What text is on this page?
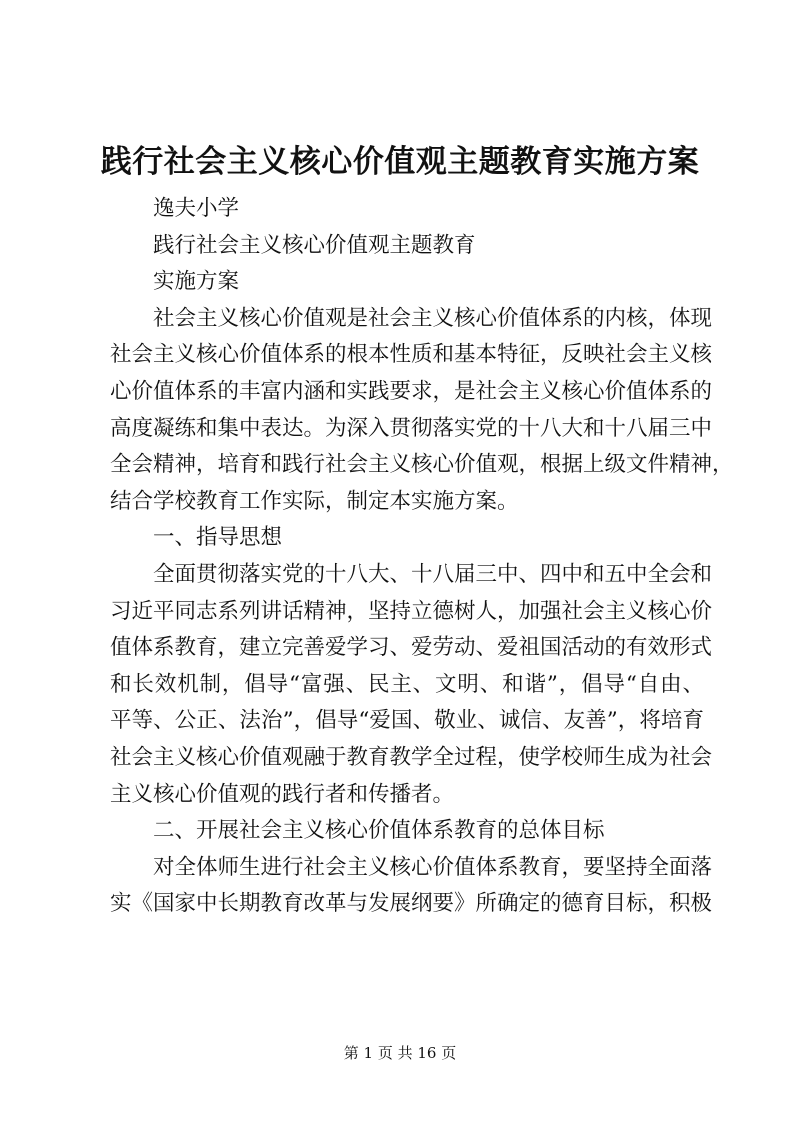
践行社会主义核心价值观主题教育实施方案
逸夫小学
践行社会主义核心价值观主题教育
实施方案
社会主义核心价值观是社会主义核心价值体系的内核，体现
社会主义核心价值体系的根本性质和基本特征，反映社会主义核
心价值体系的丰富内涵和实践要求，是社会主义核心价值体系的
高度凝练和集中表达。为深入贯彻落实党的十八大和十八届三中
全会精神，培育和践行社会主义核心价值观，根据上级文件精神，
结合学校教育工作实际，制定本实施方案。
一、指导思想
全面贯彻落实党的十八大、十八届三中、四中和五中全会和
习近平同志系列讲话精神，坚持立德树人，加强社会主义核心价
值体系教育，建立完善爱学习、爱劳动、爱祖国活动的有效形式
和长效机制，倡导“富强、民主、文明、和谐”，倡导“自由、
平等、公正、法治”，倡导“爱国、敬业、诚信、友善”，将培育
社会主义核心价值观融于教育教学全过程，使学校师生成为社会
主义核心价值观的践行者和传播者。
二、开展社会主义核心价值体系教育的总体目标
对全体师生进行社会主义核心价值体系教育，要坚持全面落
实《国家中长期教育改革与发展纲要》所确定的德育目标，积极
第 1 页 共 16 页
